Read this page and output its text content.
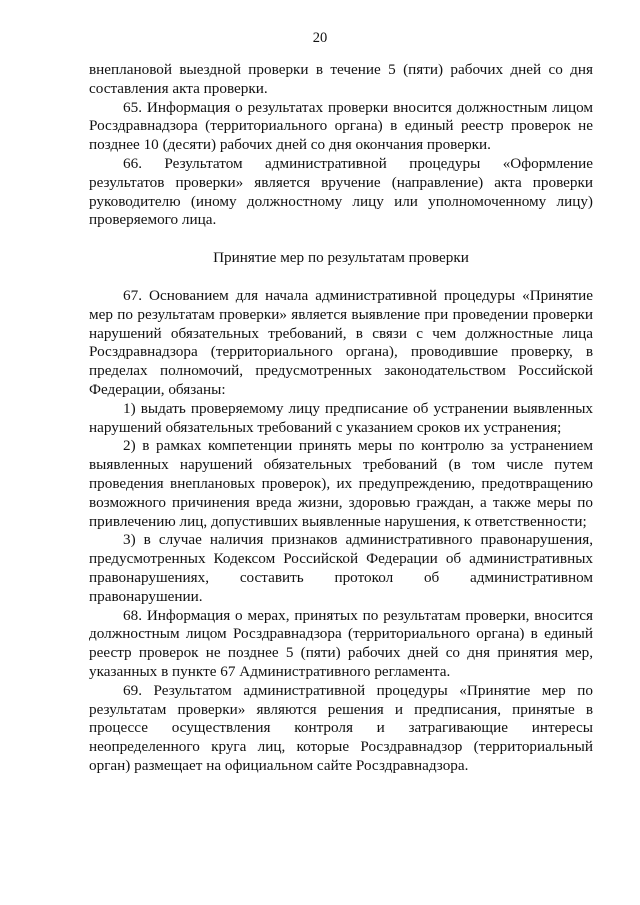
20

внеплановой выездной проверки в течение 5 (пяти) рабочих дней со дня составления акта проверки.

65. Информация о результатах проверки вносится должностным лицом Росздравнадзора (территориального органа) в единый реестр проверок не позднее 10 (десяти) рабочих дней со дня окончания проверки.

66. Результатом административной процедуры «Оформление результатов проверки» является вручение (направление) акта проверки руководителю (иному должностному лицу или уполномоченному лицу) проверяемого лица.

Принятие мер по результатам проверки

67. Основанием для начала административной процедуры «Принятие мер по результатам проверки» является выявление при проведении проверки нарушений обязательных требований, в связи с чем должностные лица Росздравнадзора (территориального органа), проводившие проверку, в пределах полномочий, предусмотренных законодательством Российской Федерации, обязаны:

1) выдать проверяемому лицу предписание об устранении выявленных нарушений обязательных требований с указанием сроков их устранения;

2) в рамках компетенции принять меры по контролю за устранением выявленных нарушений обязательных требований (в том числе путем проведения внеплановых проверок), их предупреждению, предотвращению возможного причинения вреда жизни, здоровью граждан, а также меры по привлечению лиц, допустивших выявленные нарушения, к ответственности;

3) в случае наличия признаков административного правонарушения, предусмотренных Кодексом Российской Федерации об административных правонарушениях, составить протокол об административном правонарушении.

68. Информация о мерах, принятых по результатам проверки, вносится должностным лицом Росздравнадзора (территориального органа) в единый реестр проверок не позднее 5 (пяти) рабочих дней со дня принятия мер, указанных в пункте 67 Административного регламента.

69. Результатом административной процедуры «Принятие мер по результатам проверки» являются решения и предписания, принятые в процессе осуществления контроля и затрагивающие интересы неопределенного круга лиц, которые Росздравнадзор (территориальный орган) размещает на официальном сайте Росздравнадзора.
